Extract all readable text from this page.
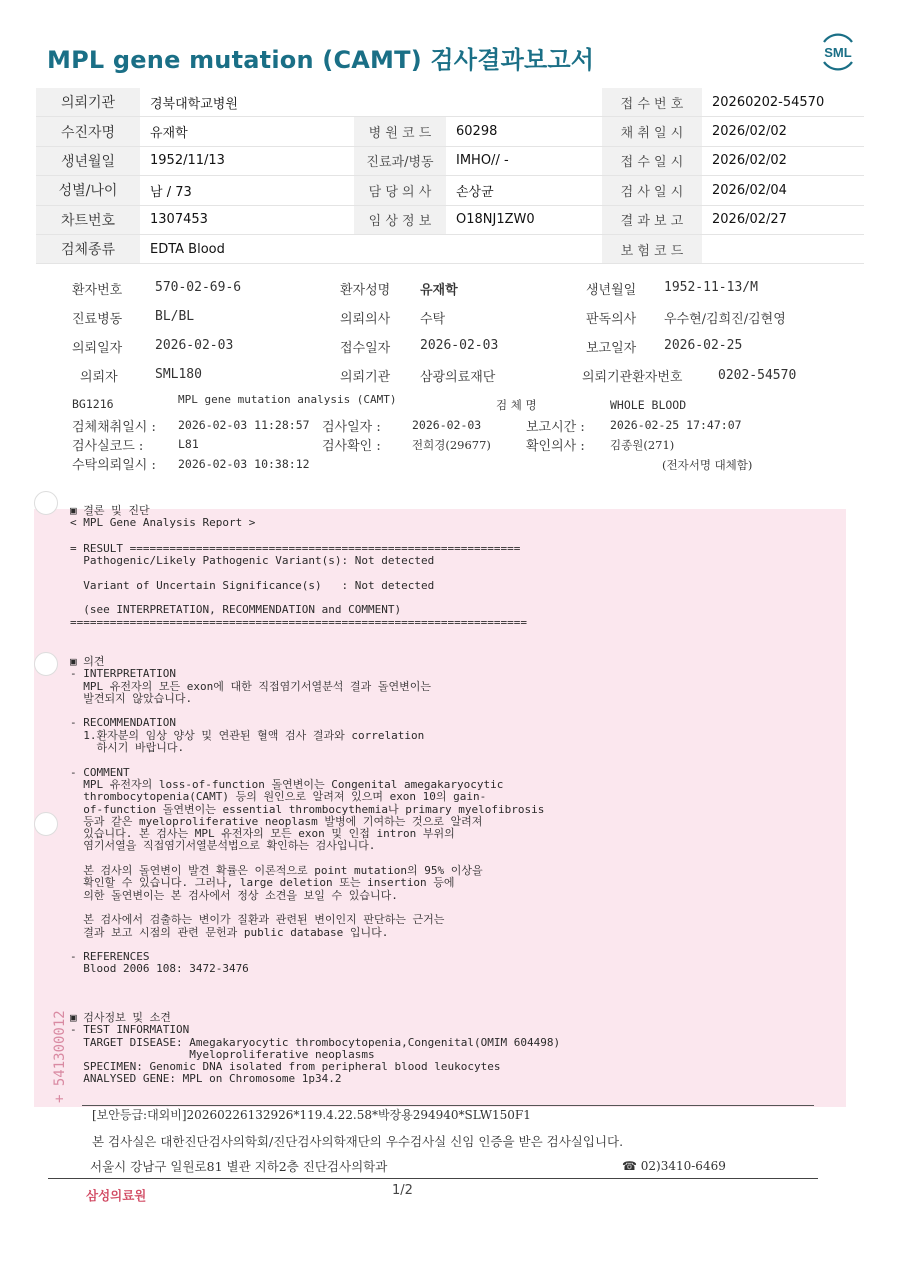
MPL gene mutation (CAMT) 검사결과보고서	SML
의뢰기관	경북대학교병원			접 수 번 호	20260202-54570
수진자명	유재학	병 원 코 드	60298	채 취 일 시	2026/02/02
생년월일	1952/11/13	진료과/병동	IMHO// -	접 수 일 시	2026/02/02
성별/나이	남 / 73	담 당 의 사	손상균	검 사 일 시	2026/02/04
차트번호	1307453	임 상 정 보	O18NJ1ZW0	결 과 보 고	2026/02/27
검체종류	EDTA Blood			보 험 코 드	
환자번호	570-02-69-6	환자성명 유재학	생년월일 1952-11-13/M
진료병동	BL/BL	의뢰의사 수탁	판독의사 우수현/김희진/김현영
의뢰일자	2026-02-03	접수일자 2026-02-03	보고일자 2026-02-25
의뢰자	SML180	의뢰기관 삼광의료재단	의뢰기관환자번호	0202-54570
BG1216	MPL gene mutation analysis (CAMT)	검 체 명	WHOLE BLOOD
검체채취일시 : 2026-02-03 11:28:57 검사일자 :	2026-02-03	보고시간 : 2026-02-25 17:47:07
검사실코드 :	L81	검사확인 :	전희경(29677)	확인의사 : 김종원(271)
수탁의뢰일시 : 2026-02-03 10:38:12	(전자서명 대체함)
▣ 결론 및 진단
< MPL Gene Analysis Report >
= RESULT ===========================================================
Pathogenic/Likely Pathogenic Variant(s): Not detected

Variant of Uncertain Significance(s)   : Not detected

(see INTERPRETATION, RECOMMENDATION and COMMENT)
=====================================================================
▣ 의견
- INTERPRETATION
MPL 유전자의 모든 exon에 대한 직접염기서열분석 결과 돌연변이는
발견되지 않았습니다.

- RECOMMENDATION
1.환자분의 임상 양상 및 연관된 혈액 검사 결과와 correlation
하시기 바랍니다.

- COMMENT
MPL 유전자의 loss-of-function 돌연변이는 Congenital amegakaryocytic
thrombocytopenia(CAMT) 등의 원인으로 알려져 있으며 exon 10의 gain-
of-function 돌연변이는 essential thrombocythemia나 primary myelofibrosis
등과 같은 myeloproliferative neoplasm 발병에 기여하는 것으로 알려져
있습니다. 본 검사는 MPL 유전자의 모든 exon 및 인접 intron 부위의
염기서열을 직접염기서열분석법으로 확인하는 검사입니다.

본 검사의 돌연변이 발견 확률은 이론적으로 point mutation의 95% 이상을
확인할 수 있습니다. 그러나, large deletion 또는 insertion 등에
의한 돌연변이는 본 검사에서 정상 소견을 보일 수 있습니다.

본 검사에서 검출하는 변이가 질환과 관련된 변이인지 판단하는 근거는
결과 보고 시점의 관련 문헌과 public database 입니다.

- REFERENCES
Blood 2006 108: 3472-3476
▣ 검사정보 및 소견
- TEST INFORMATION
TARGET DISEASE: Amegakaryocytic thrombocytopenia,Congenital(OMIM 604498)
Myeloproliferative neoplasms
SPECIMEN: Genomic DNA isolated from peripheral blood leukocytes
ANALYSED GENE: MPL on Chromosome 1p34.2
+ 541300012
[보안등급:대외비]20260226132926*119.4.22.58*박장용294940*SLW150F1
본 검사실은 대한진단검사의학회/진단검사의학재단의 우수검사실 신임 인증을 받은 검사실입니다.
서울시 강남구 일원로81 별관 지하2층 진단검사의학과	☎ 02)3410-6469
삼성의료원	1/2
